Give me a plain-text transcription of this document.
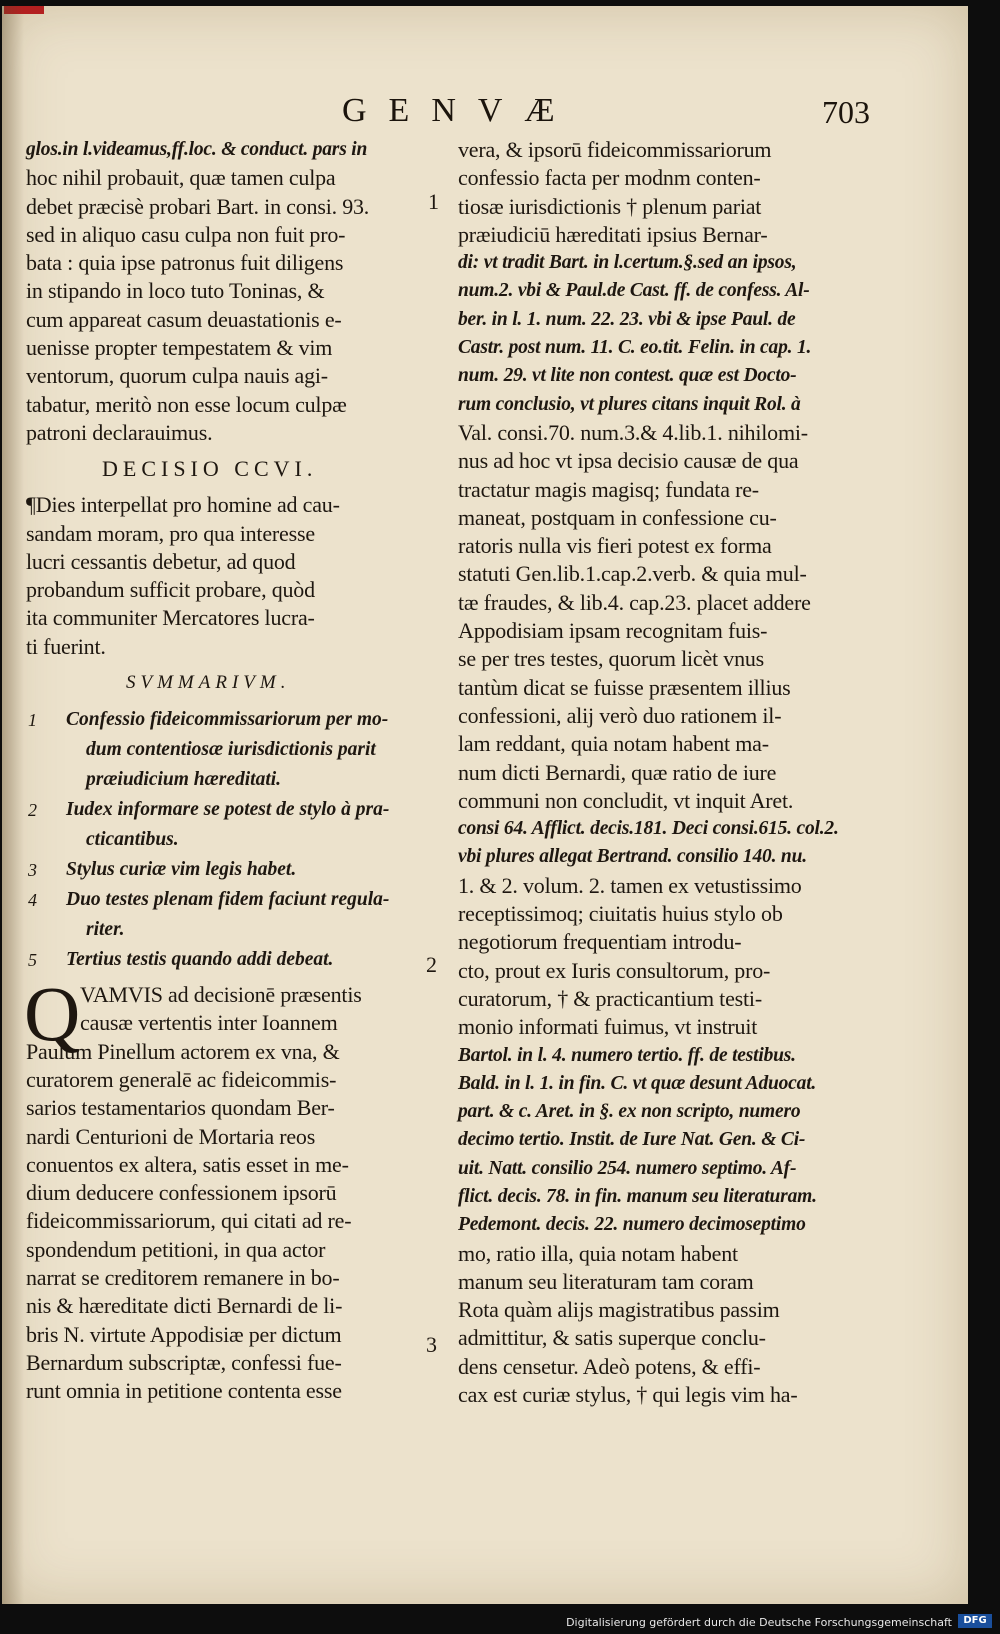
GENVÆ	703
glos.in l.videamus,ff.loc. & conduct. pars in
hoc nihil probauit, quæ tamen culpa
debet præcisè probari Bart. in consi. 93.
sed in aliquo casu culpa non fuit pro-
bata : quia ipse patronus fuit diligens
in stipando in loco tuto Toninas, &
cum appareat casum deuastationis e-
uenisse propter tempestatem & vim
ventorum, quorum culpa nauis agi-
tabatur, meritò non esse locum culpæ
patroni declarauimus.
DECISIO CCVI.
¶Dies interpellat pro homine ad cau-
sandam moram, pro qua interesse
lucri cessantis debetur, ad quod
probandum sufficit probare, quòd
ita communiter Mercatores lucra-
ti fuerint.
SVMMARIVM.
1 Confessio fideicommissariorum per mo-
dum contentiosæ iurisdictionis parit
præiudicium hæreditati.
2 Iudex informare se potest de stylo à pra-
cticantibus.
3 Stylus curiæ vim legis habet.
4 Duo testes plenam fidem faciunt regula-
riter.
5 Tertius testis quando addi debeat.
Q VAMVIS ad decisionē præsentis
causæ vertentis inter Ioannem
Paulum Pinellum actorem ex vna, &
curatorem generalē ac fideicommis-
sarios testamentarios quondam Ber-
nardi Centurioni de Mortaria reos
conuentos ex altera, satis esset in me-
dium deducere confessionem ipsorū
fideicommissariorum, qui citati ad re-
spondendum petitioni, in qua actor
narrat se creditorem remanere in bo-
nis & hæreditate dicti Bernardi de li-
bris N. virtute Appodisiæ per dictum
Bernardum subscriptæ, confessi fue-
runt omnia in petitione contenta esse
vera, & ipsorū fideicommissariorum
confessio facta per modnm conten-
tiosæ iurisdictionis † plenum pariat
præiudiciū hæreditati ipsius Bernar-
di: vt tradit Bart. in l.certum.§.sed an ipsos,
num.2. vbi & Paul.de Cast. ff. de confess. Al-
ber. in l. 1. num. 22. 23. vbi & ipse Paul. de
Castr. post num. 11. C. eo.tit. Felin. in cap. 1.
num. 29. vt lite non contest. quæ est Docto-
rum conclusio, vt plures citans inquit Rol. à
Val. consi.70. num.3.& 4.lib.1. nihilomi-
nus ad hoc vt ipsa decisio causæ de qua
tractatur magis magisq; fundata re-
maneat, postquam in confessione cu-
ratoris nulla vis fieri potest ex forma
statuti Gen.lib.1.cap.2.verb. & quia mul-
tæ fraudes, & lib.4. cap.23. placet addere
Appodisiam ipsam recognitam fuis-
se per tres testes, quorum licèt vnus
tantùm dicat se fuisse præsentem illius
confessioni, alij verò duo rationem il-
lam reddant, quia notam habent ma-
num dicti Bernardi, quæ ratio de iure
communi non concludit, vt inquit Aret.
consi 64. Afflict. decis.181. Deci consi.615. col.2.
vbi plures allegat Bertrand. consilio 140. nu.
1. & 2. volum. 2. tamen ex vetustissimo
receptissimoq; ciuitatis huius stylo ob
negotiorum frequentiam introdu-
cto, prout ex Iuris consultorum, pro-
curatorum, † & practicantium testi-
monio informati fuimus, vt instruit
Bartol. in l. 4. numero tertio. ff. de testibus.
Bald. in l. 1. in fin. C. vt quæ desunt Aduocat.
part. & c. Aret. in §. ex non scripto, numero
decimo tertio. Instit. de Iure Nat. Gen. & Ci-
uit. Natt. consilio 254. numero septimo. Af-
flict. decis. 78. in fin. manum seu literaturam.
Pedemont. decis. 22. numero decimoseptimo
mo, ratio illa, quia notam habent
manum seu literaturam tam coram
Rota quàm alijs magistratibus passim
admittitur, & satis superque conclu-
dens censetur. Adeò potens, & effi-
cax est curiæ stylus, † qui legis vim ha-
1
2
3
Digitalisierung gefördert durch die Deutsche Forschungsgemeinschaft	DFG
